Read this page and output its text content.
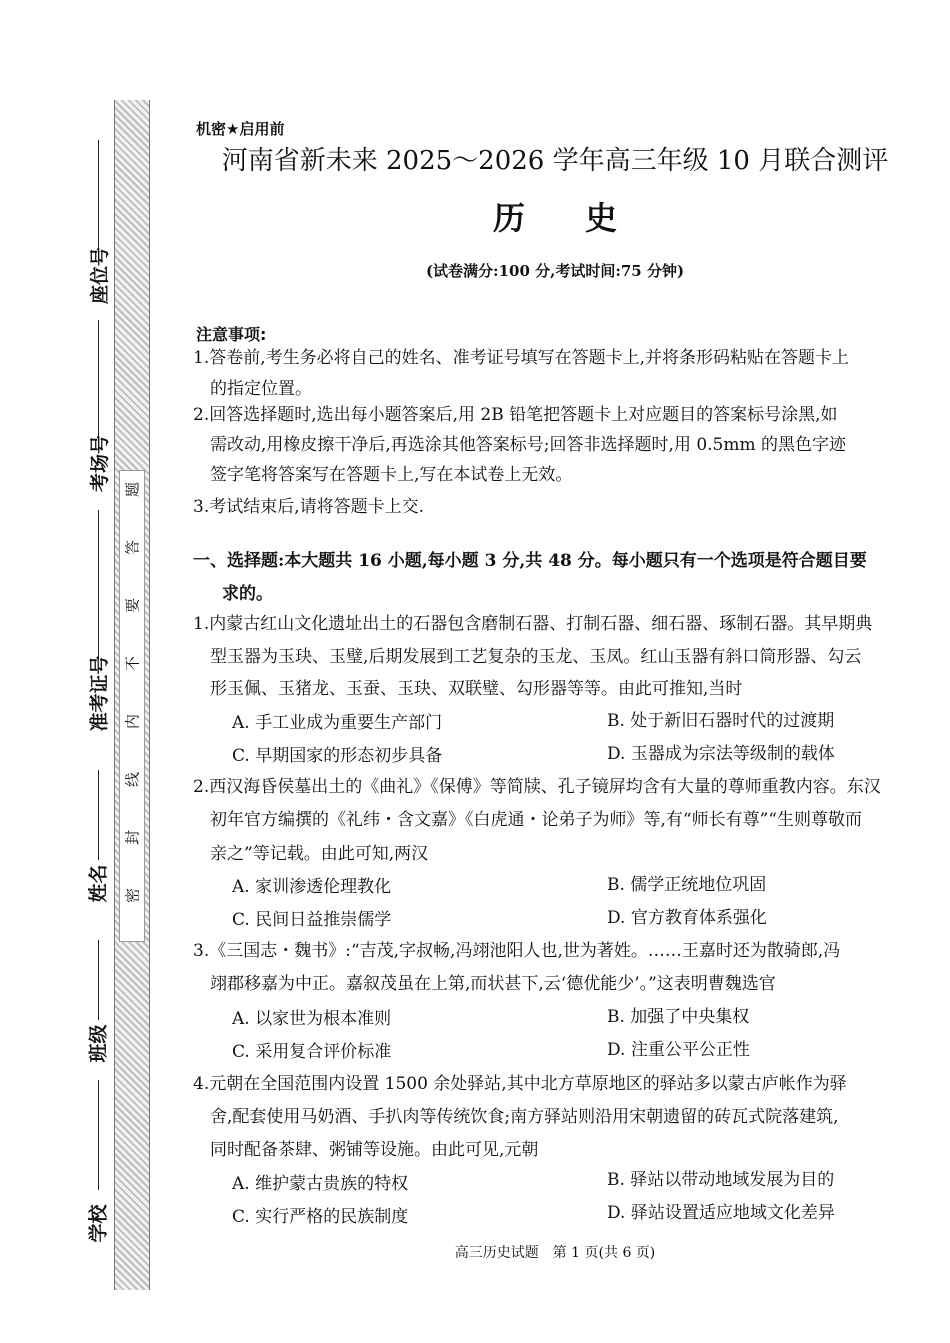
题
答
要
不
内
线
封
密
座位号
考场号
准考证号
姓名
班级
学校
机密★启用前
河南省新未来 2025～2026 学年高三年级 10 月联合测评
历史
(试卷满分:100 分,考试时间:75 分钟)
注意事项:
1.答卷前,考生务必将自己的姓名、准考证号填写在答题卡上,并将条形码粘贴在答题卡上
的指定位置。
2.回答选择题时,选出每小题答案后,用 2B 铅笔把答题卡上对应题目的答案标号涂黑,如
需改动,用橡皮擦干净后,再选涂其他答案标号;回答非选择题时,用 0.5mm 的黑色字迹
签字笔将答案写在答题卡上,写在本试卷上无效。
3.考试结束后,请将答题卡上交.
一、选择题:本大题共 16 小题,每小题 3 分,共 48 分。每小题只有一个选项是符合题目要
求的。
1.内蒙古红山文化遗址出土的石器包含磨制石器、打制石器、细石器、琢制石器。其早期典
型玉器为玉玦、玉璧,后期发展到工艺复杂的玉龙、玉凤。红山玉器有斜口筒形器、勾云
形玉佩、玉猪龙、玉蚕、玉玦、双联璧、勾形器等等。由此可推知,当时
A. 手工业成为重要生产部门	B. 处于新旧石器时代的过渡期
C. 早期国家的形态初步具备	D. 玉器成为宗法等级制的载体
2.西汉海昏侯墓出土的《曲礼》《保傅》等简牍、孔子镜屏均含有大量的尊师重教内容。东汉
初年官方编撰的《礼纬・含文嘉》《白虎通・论弟子为师》等,有“师长有尊”“生则尊敬而
亲之”等记载。由此可知,两汉
A. 家训渗透伦理教化	B. 儒学正统地位巩固
C. 民间日益推崇儒学	D. 官方教育体系强化
3.《三国志・魏书》:“吉茂,字叔畅,冯翊池阳人也,世为著姓。……王嘉时还为散骑郎,冯
翊郡移嘉为中正。嘉叙茂虽在上第,而状甚下,云‘德优能少’。”这表明曹魏选官
A. 以家世为根本准则	B. 加强了中央集权
C. 采用复合评价标准	D. 注重公平公正性
4.元朝在全国范围内设置 1500 余处驿站,其中北方草原地区的驿站多以蒙古庐帐作为驿
舍,配套使用马奶酒、手扒肉等传统饮食;南方驿站则沿用宋朝遗留的砖瓦式院落建筑,
同时配备茶肆、粥铺等设施。由此可见,元朝
A. 维护蒙古贵族的特权	B. 驿站以带动地域发展为目的
C. 实行严格的民族制度	D. 驿站设置适应地域文化差异
高三历史试题　第 1 页(共 6 页)
